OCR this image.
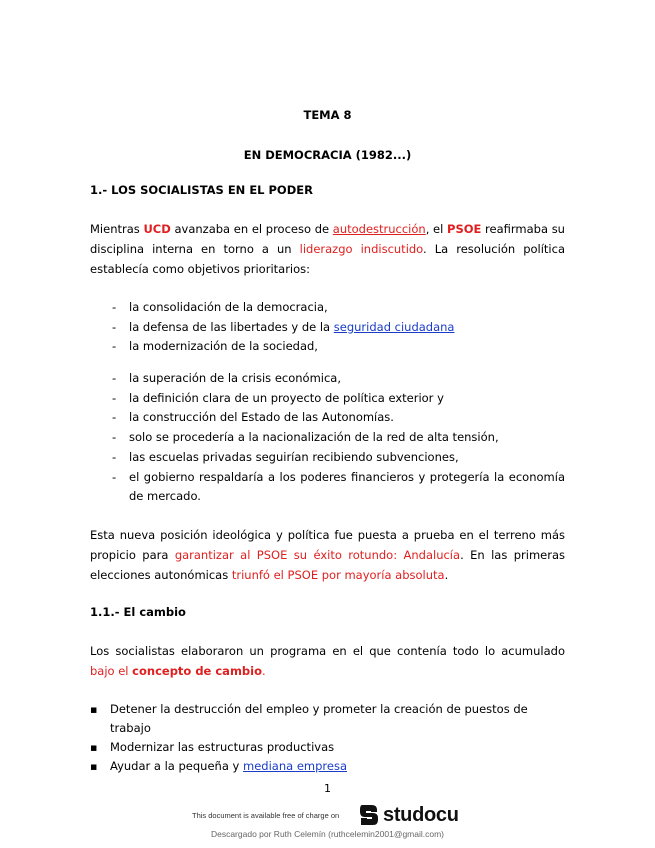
TEMA 8
EN DEMOCRACIA (1982...)
1.- LOS SOCIALISTAS EN EL PODER
Mientras UCD avanzaba en el proceso de autodestrucción, el PSOE reafirmaba su disciplina interna en torno a un liderazgo indiscutido. La resolución política establecía como objetivos prioritarios:
- la consolidación de la democracia,
- la defensa de las libertades y de la seguridad ciudadana
- la modernización de la sociedad,
- la superación de la crisis económica,
- la definición clara de un proyecto de política exterior y
- la construcción del Estado de las Autonomías.
- solo se procedería a la nacionalización de la red de alta tensión,
- las escuelas privadas seguirían recibiendo subvenciones,
- el gobierno respaldaría a los poderes financieros y protegería la economía de mercado.
Esta nueva posición ideológica y política fue puesta a prueba en el terreno más propicio para garantizar al PSOE su éxito rotundo: Andalucía. En las primeras elecciones autonómicas triunfó el PSOE por mayoría absoluta.
1.1.- El cambio
Los socialistas elaboraron un programa en el que contenía todo lo acumulado bajo el concepto de cambio.
▪ Detener la destrucción del empleo y prometer la creación de puestos de trabajo
▪ Modernizar las estructuras productivas
▪ Ayudar a la pequeña y mediana empresa
1
This document is available free of charge on studocu
Descargado por Ruth Celemín (ruthcelemin2001@gmail.com)
